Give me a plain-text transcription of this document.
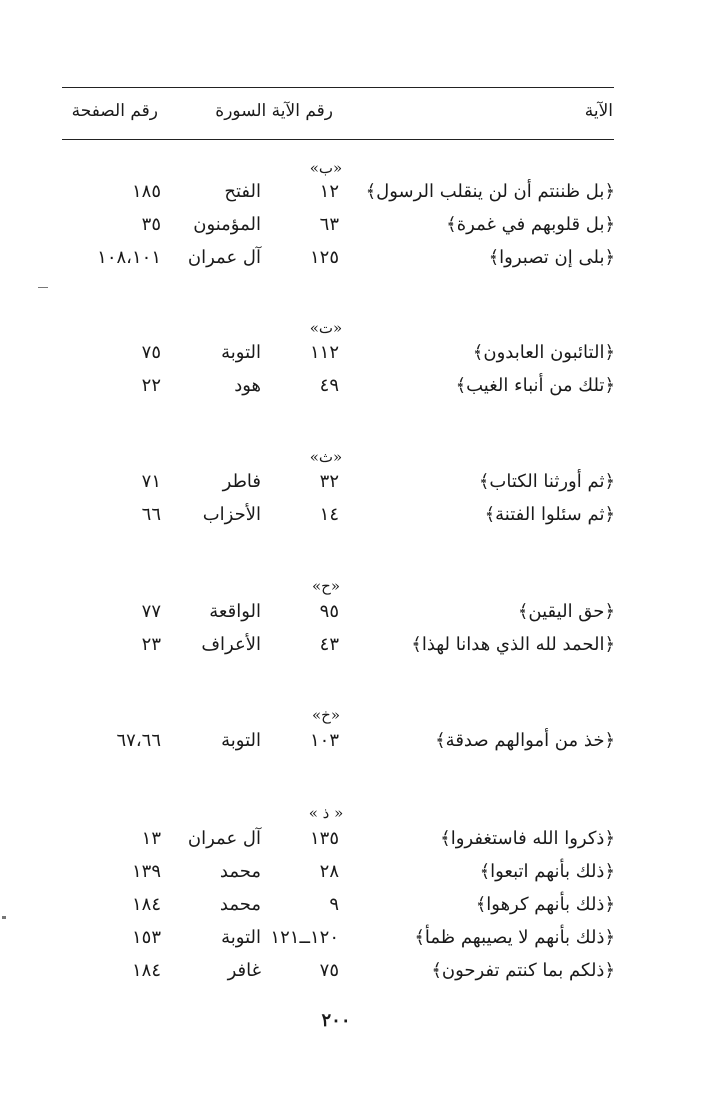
الآية
رقم الآية السورة
رقم الصفحة
«ب»
﴿بل ظننتم أن لن ينقلب الرسول﴾
١٢
الفتح
١٨٥
﴿بل قلوبهم في غمرة﴾
٦٣
المؤمنون
٣٥
﴿بلى إن تصبروا﴾
١٢٥
آل عمران
١٠٨،١٠١
«ت»
﴿التائبون العابدون﴾
١١٢
التوبة
٧٥
﴿تلك من أنباء الغيب﴾
٤٩
هود
٢٢
«ث»
﴿ثم أورثنا الكتاب﴾
٣٢
فاطر
٧١
﴿ثم سئلوا الفتنة﴾
١٤
الأحزاب
٦٦
«ح»
﴿حق اليقين﴾
٩٥
الواقعة
٧٧
﴿الحمد لله الذي هدانا لهذا﴾
٤٣
الأعراف
٢٣
«خ»
﴿خذ من أموالهم صدقة﴾
١٠٣
التوبة
٦٧،٦٦
« ذ »
﴿ذكروا الله فاستغفروا﴾
١٣٥
آل عمران
١٣
﴿ذلك بأنهم اتبعوا﴾
٢٨
محمد
١٣٩
﴿ذلك بأنهم كرهوا﴾
٩
محمد
١٨٤
﴿ذلك بأنهم لا يصيبهم ظمأ﴾
١٢٠ــ١٢١
التوبة
١٥٣
﴿ذلكم بما كنتم تفرحون﴾
٧٥
غافر
١٨٤
٢٠٠
